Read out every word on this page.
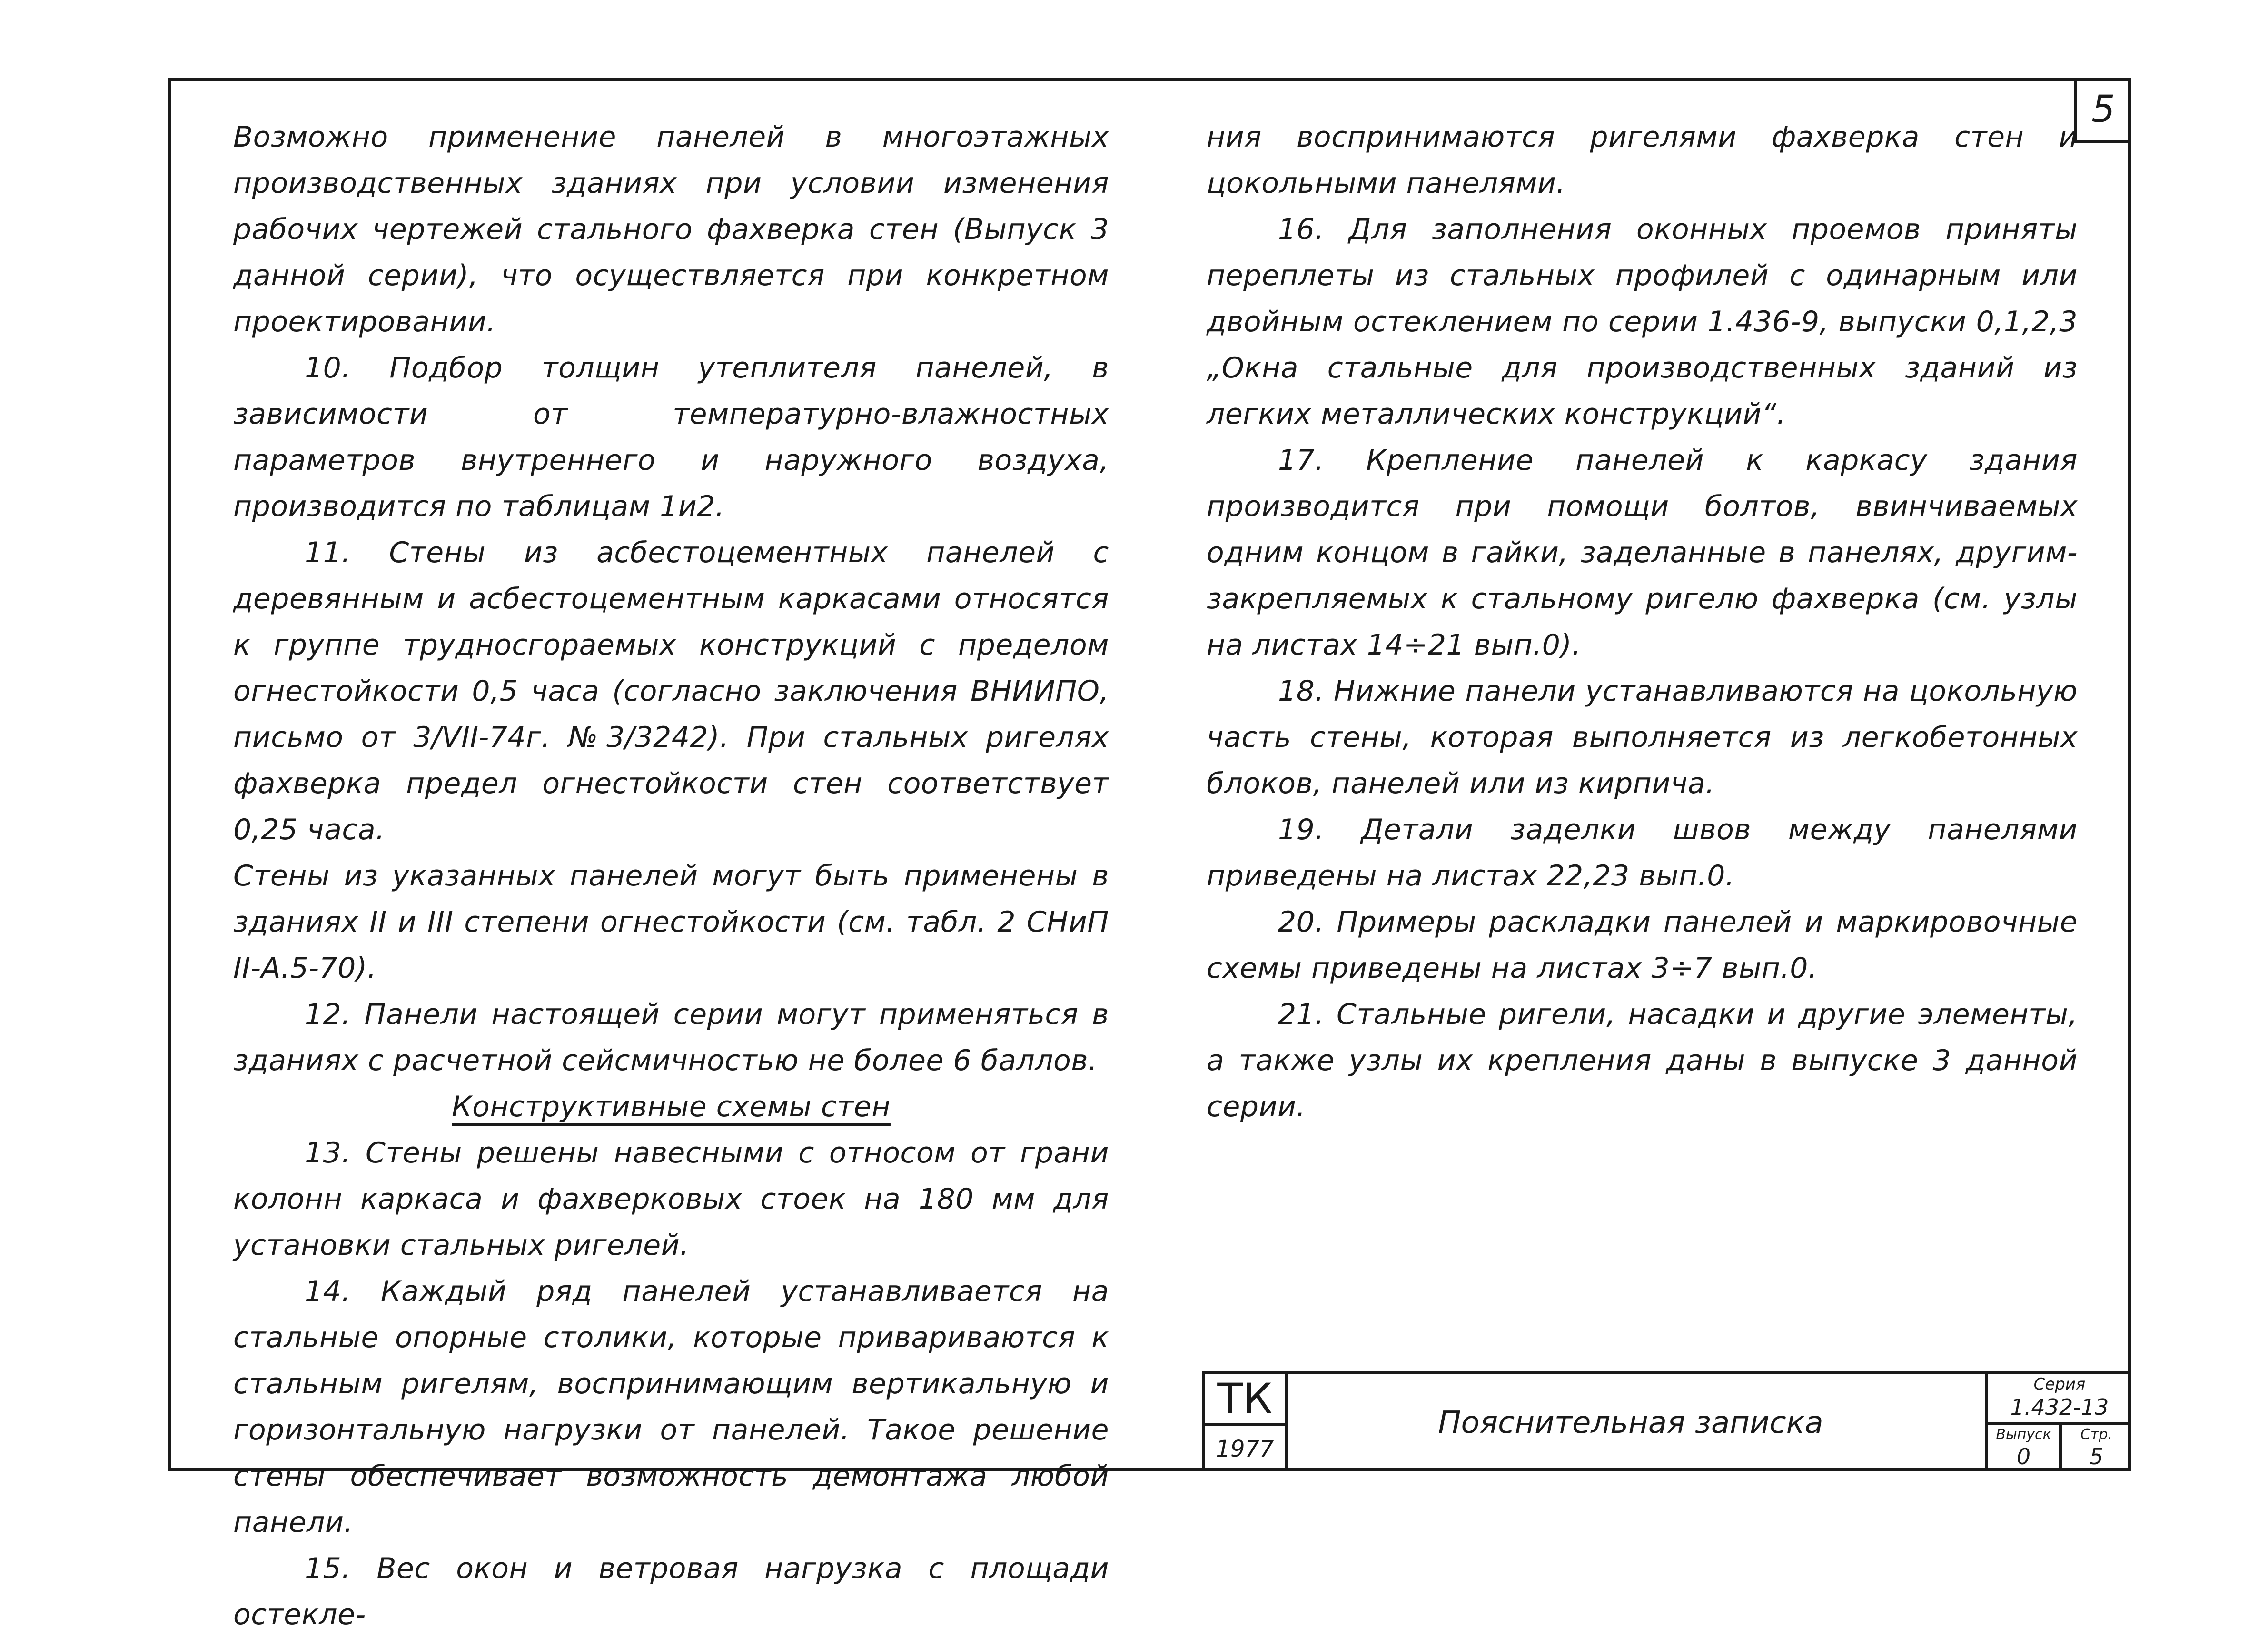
5

Возможно применение панелей в многоэтажных производственных зданиях при условии изменения рабочих чертежей стального фахверка стен (Выпуск 3 данной серии), что осуществляется при конкретном проектировании.

10. Подбор толщин утеплителя панелей, в зависимости от температурно-влажностных параметров внутреннего и наружного воздуха, производится по таблицам 1и2.

11. Стены из асбестоцементных панелей с деревянным и асбестоцементным каркасами относятся к группе трудносгораемых конструкций с пределом огнестойкости 0,5 часа (согласно заключения ВНИИПО, письмо от 3/VII-74г. №3/3242). При стальных ригелях фахверка предел огнестойкости стен соответствует 0,25 часа.

Стены из указанных панелей могут быть применены в зданиях II и III степени огнестойкости (см. табл. 2 СНиП II-А.5-70).

12. Панели настоящей серии могут применяться в зданиях с расчетной сейсмичностью не более 6 баллов.

Конструктивные схемы стен

13. Стены решены навесными с относом от грани колонн каркаса и фахверковых стоек на 180 мм для установки стальных ригелей.

14. Каждый ряд панелей устанавливается на стальные опорные столики, которые привариваются к стальным ригелям, воспринимающим вертикальную и горизонтальную нагрузки от панелей. Такое решение стены обеспечивает возможность демонтажа любой панели.

15. Вес окон и ветровая нагрузка с площади остекле-

ния воспринимаются ригелями фахверка стен и цокольными панелями.

16. Для заполнения оконных проемов приняты переплеты из стальных профилей с одинарным или двойным остеклением по серии 1.436-9, выпуски 0,1,2,3 „Окна стальные для производственных зданий из легких металлических конструкций“.

17. Крепление панелей к каркасу здания производится при помощи болтов, ввинчиваемых одним концом в гайки, заделанные в панелях, другим-закрепляемых к стальному ригелю фахверка (см. узлы на листах 14÷21 вып.0).

18. Нижние панели устанавливаются на цокольную часть стены, которая выполняется из легкобетонных блоков, панелей или из кирпича.

19. Детали заделки швов между панелями приведены на листах 22,23 вып.0.

20. Примеры раскладки панелей и маркировочные схемы приведены на листах 3÷7 вып.0.

21. Стальные ригели, насадки и другие элементы, а также узлы их крепления даны в выпуске 3 данной серии.

ТК
1977
Пояснительная записка
Серия
1.432-13
Выпуск
0
Стр.
5
